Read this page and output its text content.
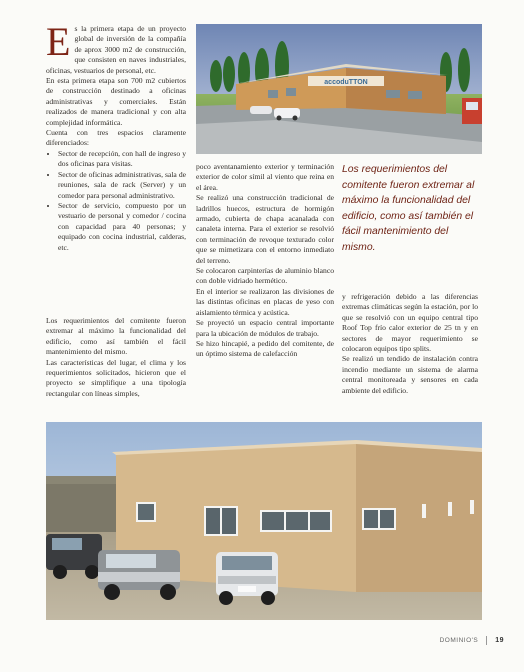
E s la primera etapa de un proyecto global de inversión de la compañía de aprox 3000 m2 de construcción, que consisten en naves industriales, oficinas, vestuarios de personal, etc.

En esta primera etapa son 700 m2 cubiertos de construcción destinado a oficinas administrativas y comerciales. Están realizados de manera tradicional y con alta complejidad informática.

Cuenta con tres espacios claramente diferenciados:

• Sector de recepción, con hall de ingreso y dos oficinas para visitas.
• Sector de oficinas administrativas, sala de reuniones, sala de rack (Server) y un comedor para personal administrativo.
• Sector de servicio, compuesto por un vestuario de personal y comedor / cocina con capacidad para 40 personas; y equipado con cocina industrial, calderas, etc.

Los requerimientos del comitente fueron extremar al máximo la funcionalidad del edificio, como así también el fácil mantenimiento del mismo.

Las características del lugar, el clima y los requerimientos solicitados, hicieron que el proyecto se simplifique a una tipología rectangular con líneas simples,

poco aventanamiento exterior y terminación exterior de color símil al viento que reina en el área.

Se realizó una construcción tradicional de ladrillos huecos, estructura de hormigón armado, cubierta de chapa acanalada con canaleta interna. Para el exterior se resolvió con terminación de revoque texturado color que se mimetizara con el entorno inmediato del terreno.

Se colocaron carpinterías de aluminio blanco con doble vidriado hermético.

En el interior se realizaron las divisiones de las distintas oficinas en placas de yeso con aislamiento térmica y acústica.

Se proyectó un espacio central importante para la ubicación de módulos de trabajo.

Se hizo hincapié, a pedido del comitente, de un óptimo sistema de calefacción

Los requerimientos del comitente fueron extremar al máximo la funcionalidad del edificio, como así también el fácil mantenimiento del mismo.

y refrigeración debido a las diferencias extremas climáticas según la estación, por lo que se resolvió con un equipo central tipo Roof Top frío calor exterior de 25 tn y en sectores de mayor requerimiento se colocaron equipos tipo splits.

Se realizó un tendido de instalación contra incendio mediante un sistema de alarma central monitoreada y sensores en cada ambiente del edificio.

accoduTTON
DOMINIO'S 19
